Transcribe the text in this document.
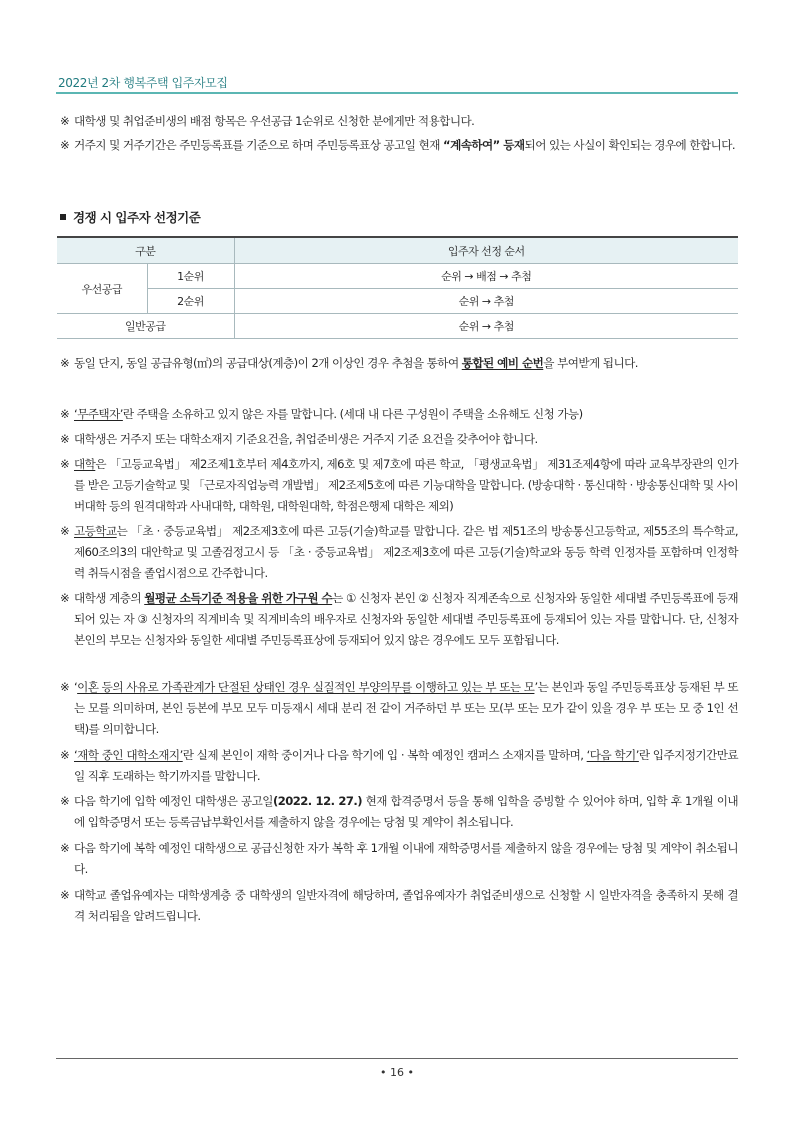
2022년 2차 행복주택 입주자모집
※ 대학생 및 취업준비생의 배점 항목은 우선공급 1순위로 신청한 분에게만 적용합니다.
※ 거주지 및 거주기간은 주민등록표를 기준으로 하며 주민등록표상 공고일 현재 “계속하여” 등재되어 있는 사실이 확인되는 경우에 한합니다.
경쟁 시 입주자 선정기준
구분		입주자 선정 순서
우선공급	1순위	순위 → 배점 → 추첨
	2순위	순위 → 추첨
일반공급		순위 → 추첨
※ 동일 단지, 동일 공급유형(㎡)의 공급대상(계층)이 2개 이상인 경우 추첨을 통하여 통합된 예비 순번을 부여받게 됩니다.
※ ‘무주택자’란 주택을 소유하고 있지 않은 자를 말합니다. (세대 내 다른 구성원이 주택을 소유해도 신청 가능)
※ 대학생은 거주지 또는 대학소재지 기준요건을, 취업준비생은 거주지 기준 요건을 갖추어야 합니다.
※ 대학은 「고등교육법」 제2조제1호부터 제4호까지, 제6호 및 제7호에 따른 학교, 「평생교육법」 제31조제4항에 따라 교육부장관의 인가를 받은 고등기술학교 및 「근로자직업능력 개발법」 제2조제5호에 따른 기능대학을 말합니다. (방송대학 · 통신대학 · 방송통신대학 및 사이버대학 등의 원격대학과 사내대학, 대학원, 대학원대학, 학점은행제 대학은 제외)
※ 고등학교는 「초 · 중등교육법」 제2조제3호에 따른 고등(기술)학교를 말합니다. 같은 법 제51조의 방송통신고등학교, 제55조의 특수학교, 제60조의3의 대안학교 및 고졸검정고시 등 「초 · 중등교육법」 제2조제3호에 따른 고등(기술)학교와 동등 학력 인정자를 포함하며 인정학력 취득시점을 졸업시점으로 간주합니다.
※ 대학생 계층의 월평균 소득기준 적용을 위한 가구원 수는 ① 신청자 본인 ② 신청자 직계존속으로 신청자와 동일한 세대별 주민등록표에 등재되어 있는 자 ③ 신청자의 직계비속 및 직계비속의 배우자로 신청자와 동일한 세대별 주민등록표에 등재되어 있는 자를 말합니다. 단, 신청자 본인의 부모는 신청자와 동일한 세대별 주민등록표상에 등재되어 있지 않은 경우에도 모두 포함됩니다.
※ ‘이혼 등의 사유로 가족관계가 단절된 상태인 경우 실질적인 부양의무를 이행하고 있는 부 또는 모’는 본인과 동일 주민등록표상 등재된 부 또는 모를 의미하며, 본인 등본에 부모 모두 미등재시 세대 분리 전 같이 거주하던 부 또는 모(부 또는 모가 같이 있을 경우 부 또는 모 중 1인 선택)를 의미합니다.
※ ‘재학 중인 대학소재지’란 실제 본인이 재학 중이거나 다음 학기에 입 · 복학 예정인 캠퍼스 소재지를 말하며, ‘다음 학기’란 입주지정기간만료일 직후 도래하는 학기까지를 말합니다.
※ 다음 학기에 입학 예정인 대학생은 공고일(2022. 12. 27.) 현재 합격증명서 등을 통해 입학을 증빙할 수 있어야 하며, 입학 후 1개월 이내에 입학증명서 또는 등록금납부확인서를 제출하지 않을 경우에는 당첨 및 계약이 취소됩니다.
※ 다음 학기에 복학 예정인 대학생으로 공급신청한 자가 복학 후 1개월 이내에 재학증명서를 제출하지 않을 경우에는 당첨 및 계약이 취소됩니다.
※ 대학교 졸업유예자는 대학생계층 중 대학생의 일반자격에 해당하며, 졸업유예자가 취업준비생으로 신청할 시 일반자격을 충족하지 못해 결격 처리됨을 알려드립니다.
• 16 •
